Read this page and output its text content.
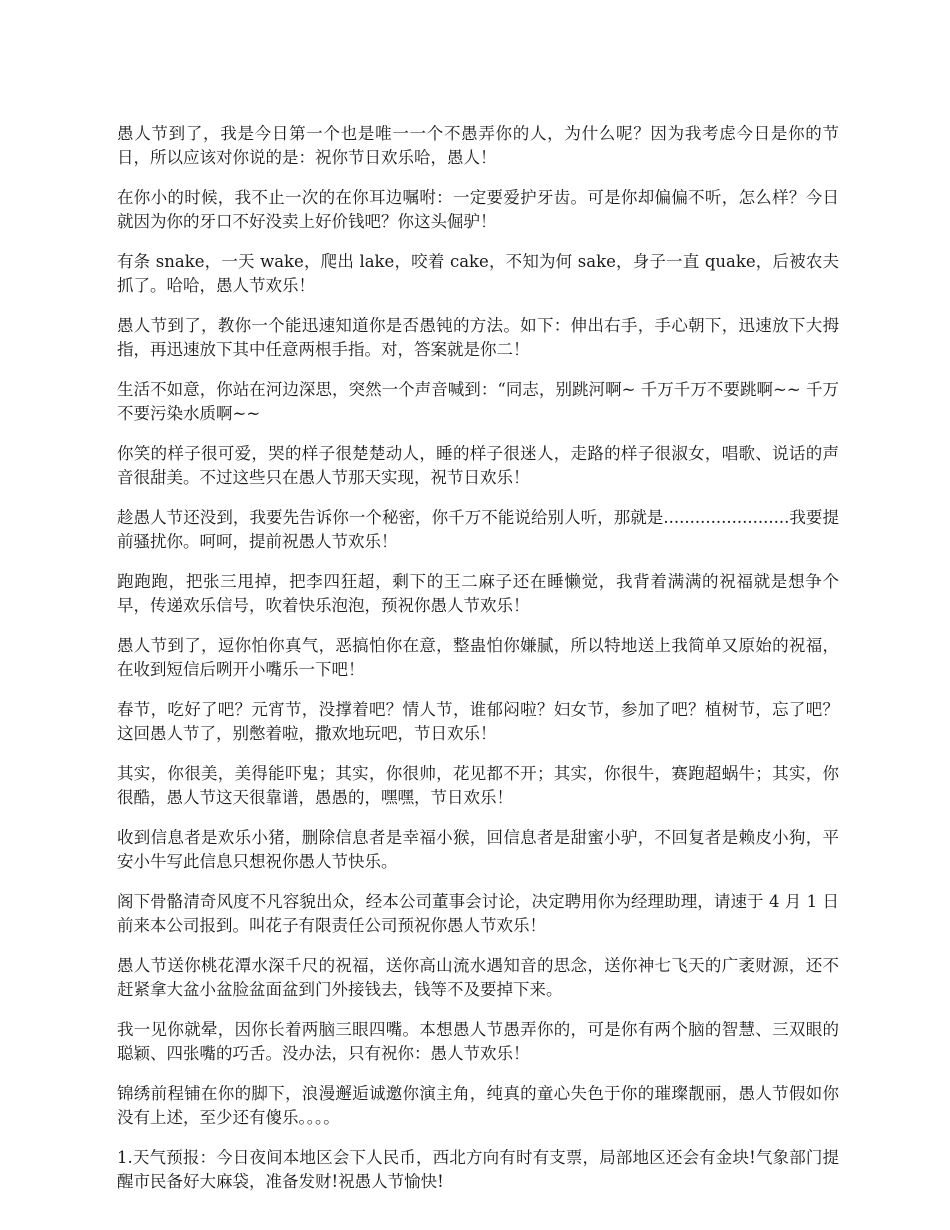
愚人节到了，我是今日第一个也是唯一一个不愚弄你的人，为什么呢？因为我考虑今日是你的节日，所以应该对你说的是：祝你节日欢乐哈，愚人！

在你小的时候，我不止一次的在你耳边嘱咐：一定要爱护牙齿。可是你却偏偏不听，怎么样？今日就因为你的牙口不好没卖上好价钱吧？你这头倔驴！

有条 snake，一天 wake，爬出 lake，咬着 cake，不知为何 sake，身子一直 quake，后被农夫抓了。哈哈，愚人节欢乐！

愚人节到了，教你一个能迅速知道你是否愚钝的方法。如下：伸出右手，手心朝下，迅速放下大拇指，再迅速放下其中任意两根手指。对，答案就是你二！

生活不如意，你站在河边深思，突然一个声音喊到：“同志，别跳河啊~ 千万千万不要跳啊~~ 千万不要污染水质啊~~

你笑的样子很可爱，哭的样子很楚楚动人，睡的样子很迷人，走路的样子很淑女，唱歌、说话的声音很甜美。不过这些只在愚人节那天实现，祝节日欢乐！

趁愚人节还没到，我要先告诉你一个秘密，你千万不能说给别人听，那就是........................我要提前骚扰你。呵呵，提前祝愚人节欢乐！

跑跑跑，把张三甩掉，把李四狂超，剩下的王二麻子还在睡懒觉，我背着满满的祝福就是想争个早，传递欢乐信号，吹着快乐泡泡，预祝你愚人节欢乐！

愚人节到了，逗你怕你真气，恶搞怕你在意，整蛊怕你嫌腻，所以特地送上我简单又原始的祝福，在收到短信后咧开小嘴乐一下吧！

春节，吃好了吧？元宵节，没撑着吧？情人节，谁郁闷啦？妇女节，参加了吧？植树节，忘了吧？这回愚人节了，别憋着啦，撒欢地玩吧，节日欢乐！

其实，你很美，美得能吓鬼；其实，你很帅，花见都不开；其实，你很牛，赛跑超蜗牛；其实，你很酷，愚人节这天很靠谱，愚愚的，嘿嘿，节日欢乐！

收到信息者是欢乐小猪，删除信息者是幸福小猴，回信息者是甜蜜小驴，不回复者是赖皮小狗，平安小牛写此信息只想祝你愚人节快乐。

阁下骨骼清奇风度不凡容貌出众，经本公司董事会讨论，决定聘用你为经理助理，请速于 4 月 1 日前来本公司报到。叫花子有限责任公司预祝你愚人节欢乐！

愚人节送你桃花潭水深千尺的祝福，送你高山流水遇知音的思念，送你神七飞天的广袤财源，还不赶紧拿大盆小盆脸盆面盆到门外接钱去，钱等不及要掉下来。

我一见你就晕，因你长着两脑三眼四嘴。本想愚人节愚弄你的，可是你有两个脑的智慧、三双眼的聪颖、四张嘴的巧舌。没办法，只有祝你：愚人节欢乐！

锦绣前程铺在你的脚下，浪漫邂逅诚邀你演主角，纯真的童心失色于你的璀璨靓丽，愚人节假如你没有上述，至少还有傻乐。。。。

1.天气预报：今日夜间本地区会下人民币，西北方向有时有支票，局部地区还会有金块!气象部门提醒市民备好大麻袋，准备发财!祝愚人节愉快!
